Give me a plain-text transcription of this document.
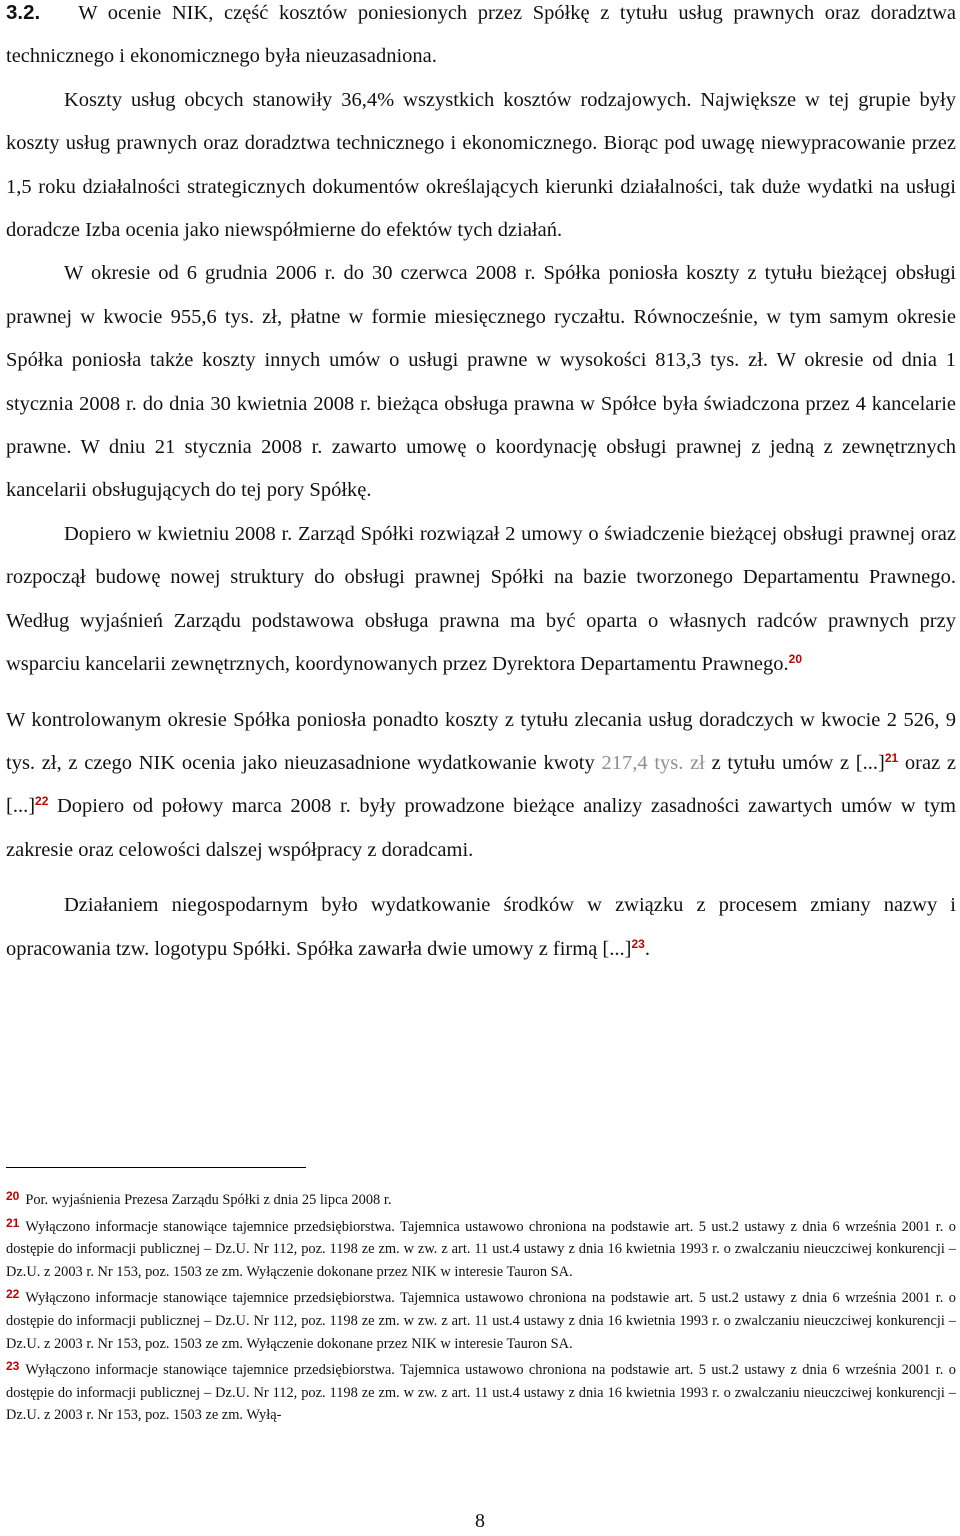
3.2. W ocenie NIK, część kosztów poniesionych przez Spółkę z tytułu usług prawnych oraz doradztwa technicznego i ekonomicznego była nieuzasadniona.

Koszty usług obcych stanowiły 36,4% wszystkich kosztów rodzajowych. Największe w tej grupie były koszty usług prawnych oraz doradztwa technicznego i ekonomicznego. Biorąc pod uwagę niewypracowanie przez 1,5 roku działalności strategicznych dokumentów określających kierunki działalności, tak duże wydatki na usługi doradcze Izba ocenia jako niewspółmierne do efektów tych działań.

W okresie od 6 grudnia 2006 r. do 30 czerwca 2008 r. Spółka poniosła koszty z tytułu bieżącej obsługi prawnej w kwocie 955,6 tys. zł, płatne w formie miesięcznego ryczałtu. Równocześnie, w tym samym okresie Spółka poniosła także koszty innych umów o usługi prawne w wysokości 813,3 tys. zł. W okresie od dnia 1 stycznia 2008 r. do dnia 30 kwietnia 2008 r. bieżąca obsługa prawna w Spółce była świadczona przez 4 kancelarie prawne. W dniu 21 stycznia 2008 r. zawarto umowę o koordynację obsługi prawnej z jedną z zewnętrznych kancelarii obsługujących do tej pory Spółkę.

Dopiero w kwietniu 2008 r. Zarząd Spółki rozwiązał 2 umowy o świadczenie bieżącej obsługi prawnej oraz rozpoczął budowę nowej struktury do obsługi prawnej Spółki na bazie tworzonego Departamentu Prawnego. Według wyjaśnień Zarządu podstawowa obsługa prawna ma być oparta o własnych radców prawnych przy wsparciu kancelarii zewnętrznych, koordynowanych przez Dyrektora Departamentu Prawnego.$^{20}$

W kontrolowanym okresie Spółka poniosła ponadto koszty z tytułu zlecania usług doradczych w kwocie 2 526, 9 tys. zł, z czego NIK ocenia jako nieuzasadnione wydatkowanie kwoty 217,4 tys. zł z tytułu umów z [...]$^{21}$ oraz z [...]$^{22}$ Dopiero od połowy marca 2008 r. były prowadzone bieżące analizy zasadności zawartych umów w tym zakresie oraz celowości dalszej współpracy z doradcami.

Działaniem niegospodarnym było wydatkowanie środków w związku z procesem zmiany nazwy i opracowania tzw. logotypu Spółki. Spółka zawarła dwie umowy z firmą [...]$^{23}$.

$^{20}$ Por. wyjaśnienia Prezesa Zarządu Spółki z dnia 25 lipca 2008 r.

$^{21}$ Wyłączono informacje stanowiące tajemnice przedsiębiorstwa. Tajemnica ustawowo chroniona na podstawie art. 5 ust.2 ustawy z dnia 6 września 2001 r. o dostępie do informacji publicznej – Dz.U. Nr 112, poz. 1198 ze zm. w zw. z art. 11 ust.4 ustawy z dnia 16 kwietnia 1993 r. o zwalczaniu nieuczciwej konkurencji – Dz.U. z 2003 r. Nr 153, poz. 1503 ze zm. Wyłączenie dokonane przez NIK w interesie Tauron SA.

$^{22}$ Wyłączono informacje stanowiące tajemnice przedsiębiorstwa. Tajemnica ustawowo chroniona na podstawie art. 5 ust.2 ustawy z dnia 6 września 2001 r. o dostępie do informacji publicznej – Dz.U. Nr 112, poz. 1198 ze zm. w zw. z art. 11 ust.4 ustawy z dnia 16 kwietnia 1993 r. o zwalczaniu nieuczciwej konkurencji – Dz.U. z 2003 r. Nr 153, poz. 1503 ze zm. Wyłączenie dokonane przez NIK w interesie Tauron SA.

$^{23}$ Wyłączono informacje stanowiące tajemnice przedsiębiorstwa. Tajemnica ustawowo chroniona na podstawie art. 5 ust.2 ustawy z dnia 6 września 2001 r. o dostępie do informacji publicznej – Dz.U. Nr 112, poz. 1198 ze zm. w zw. z art. 11 ust.4 ustawy z dnia 16 kwietnia 1993 r. o zwalczaniu nieuczciwej konkurencji – Dz.U. z 2003 r. Nr 153, poz. 1503 ze zm. Wyłą-

8
